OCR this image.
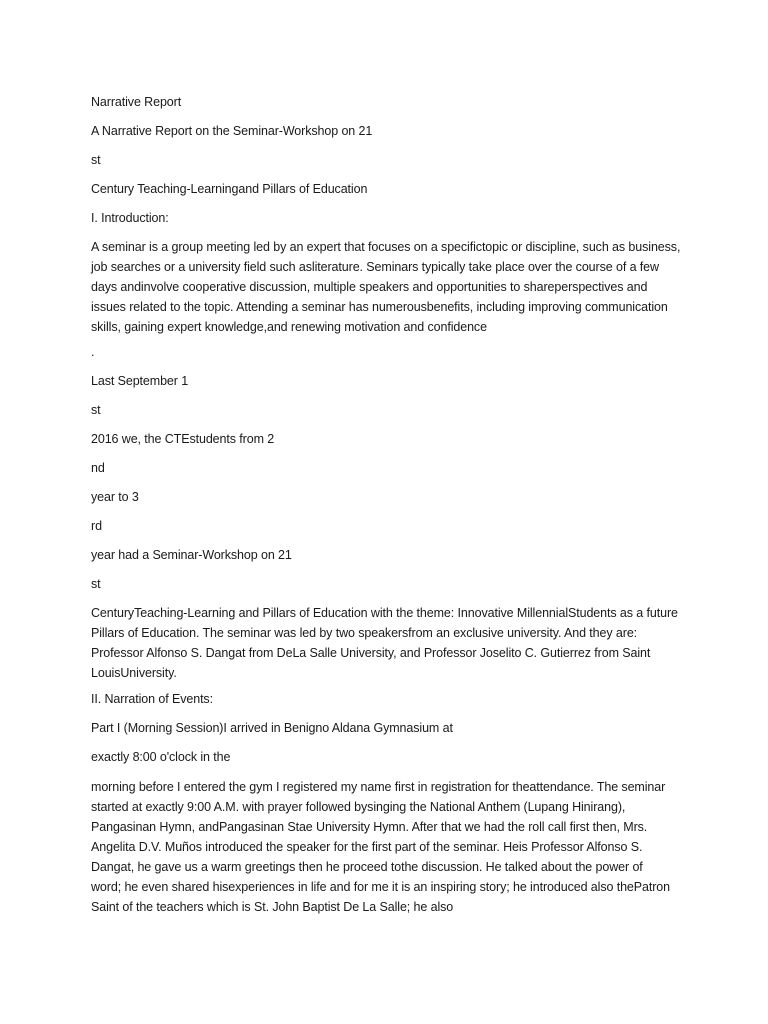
Narrative Report
A Narrative Report on the Seminar-Workshop on 21
st
Century Teaching-Learningand Pillars of Education
I. Introduction:
A seminar is a group meeting led by an expert that focuses on a specifictopic or discipline, such as business, job searches or a university field such asliterature. Seminars typically take place over the course of a few days andinvolve cooperative discussion, multiple speakers and opportunities to shareperspectives and issues related to the topic. Attending a seminar has numerousbenefits, including improving communication skills, gaining expert knowledge,and renewing motivation and confidence
.
Last September 1
st
2016 we, the CTEstudents from 2
nd
year to 3
rd
year had a Seminar-Workshop on 21
st
CenturyTeaching-Learning and Pillars of Education with the theme: Innovative MillennialStudents as a future Pillars of Education. The seminar was led by two speakersfrom an exclusive university. And they are: Professor Alfonso S. Dangat from DeLa Salle University, and Professor Joselito C. Gutierrez from Saint LouisUniversity.
II. Narration of Events:
Part I (Morning Session)I arrived in Benigno Aldana Gymnasium at
exactly 8:00 o'clock in the
morning before I entered the gym I registered my name first in registration for theattendance. The seminar started at exactly 9:00 A.M. with prayer followed bysinging the National Anthem (Lupang Hinirang), Pangasinan Hymn, andPangasinan Stae University Hymn. After that we had the roll call first then, Mrs. Angelita D.V. Muños introduced the speaker for the first part of the seminar. Heis Professor Alfonso S. Dangat, he gave us a warm greetings then he proceed tothe discussion. He talked about the power of word; he even shared hisexperiences in life and for me it is an inspiring story; he introduced also thePatron Saint of the teachers which is St. John Baptist De La Salle; he also
